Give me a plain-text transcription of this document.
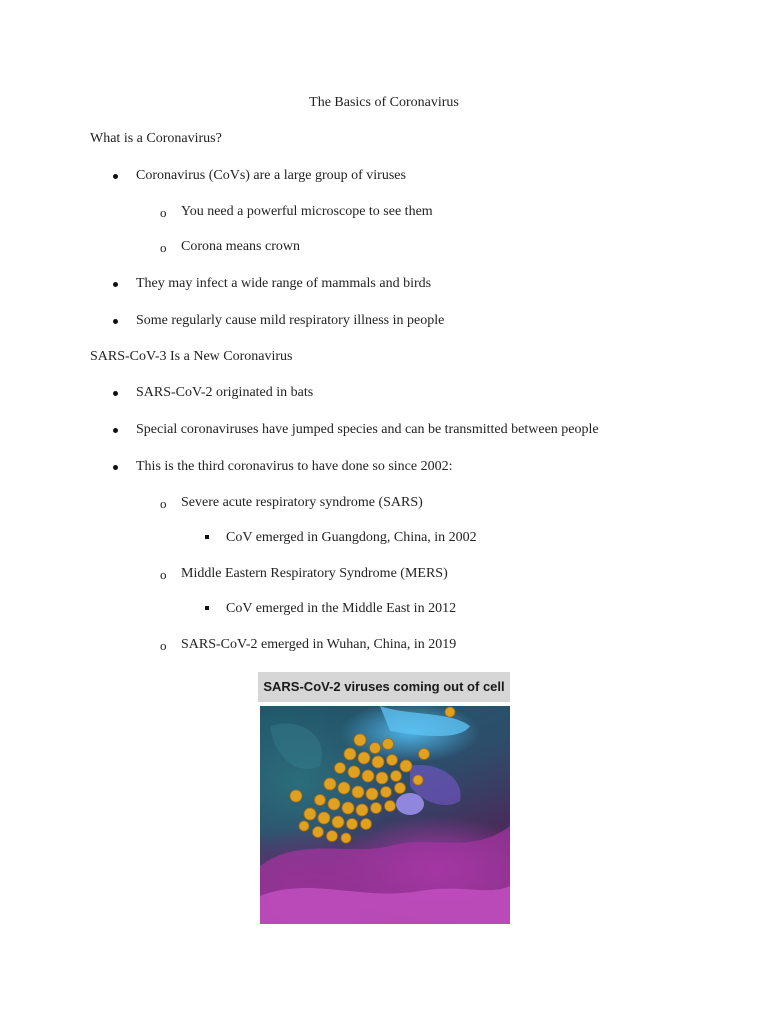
The Basics of Coronavirus
What is a Coronavirus?
Coronavirus (CoVs) are a large group of viruses
o You need a powerful microscope to see them
o Corona means crown
They may infect a wide range of mammals and birds
Some regularly cause mild respiratory illness in people
SARS-CoV-3 Is a New Coronavirus
SARS-CoV-2 originated in bats
Special coronaviruses have jumped species and can be transmitted between people
This is the third coronavirus to have done so since 2002:
o Severe acute respiratory syndrome (SARS)
CoV emerged in Guangdong, China, in 2002
o Middle Eastern Respiratory Syndrome (MERS)
CoV emerged in the Middle East in 2012
o SARS-CoV-2 emerged in Wuhan, China, in 2019
SARS-CoV-2 viruses coming out of cell
